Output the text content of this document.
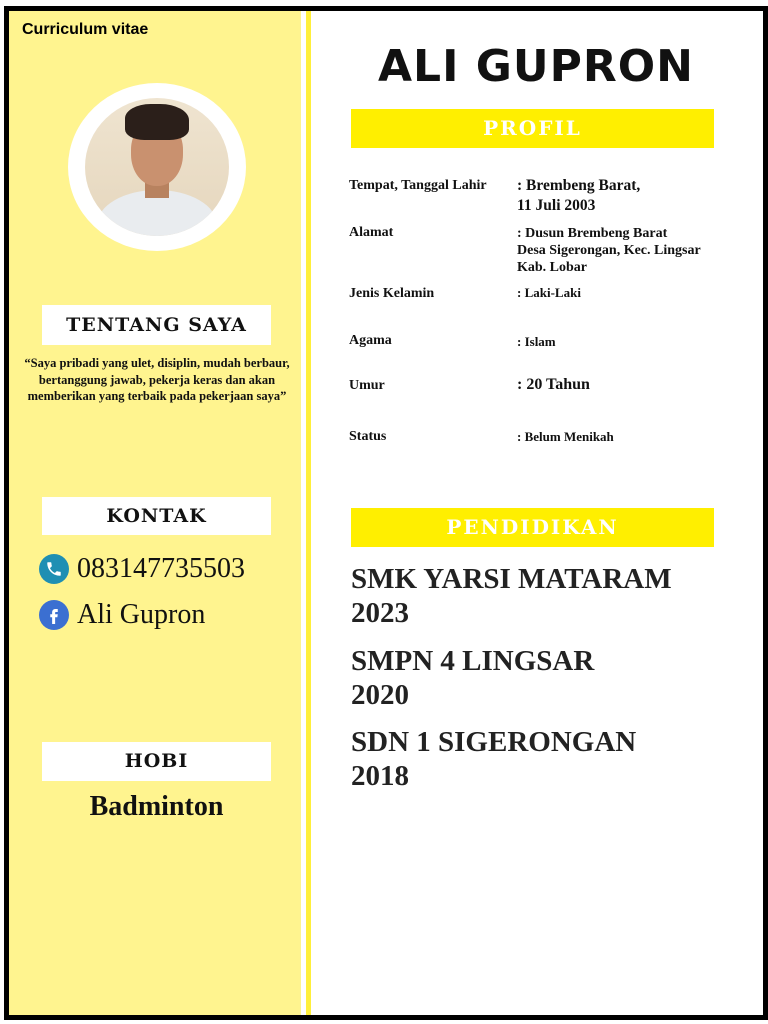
Curriculum vitae
TENTANG SAYA
“Saya pribadi yang ulet, disiplin, mudah berbaur, bertanggung jawab, pekerja keras dan akan memberikan yang terbaik pada pekerjaan saya”
KONTAK
083147735503
Ali Gupron
HOBI
Badminton
ALI GUPRON
PROFIL
Tempat, Tanggal Lahir	: Brembeng Barat,
11 Juli 2003
Alamat	: Dusun Brembeng Barat
Desa Sigerongan, Kec. Lingsar
Kab. Lobar
Jenis Kelamin	: Laki-Laki
Agama	: Islam
Umur	: 20 Tahun
Status	: Belum Menikah
PENDIDIKAN
SMK YARSI MATARAM
2023
SMPN 4 LINGSAR
2020
SDN 1 SIGERONGAN
2018
